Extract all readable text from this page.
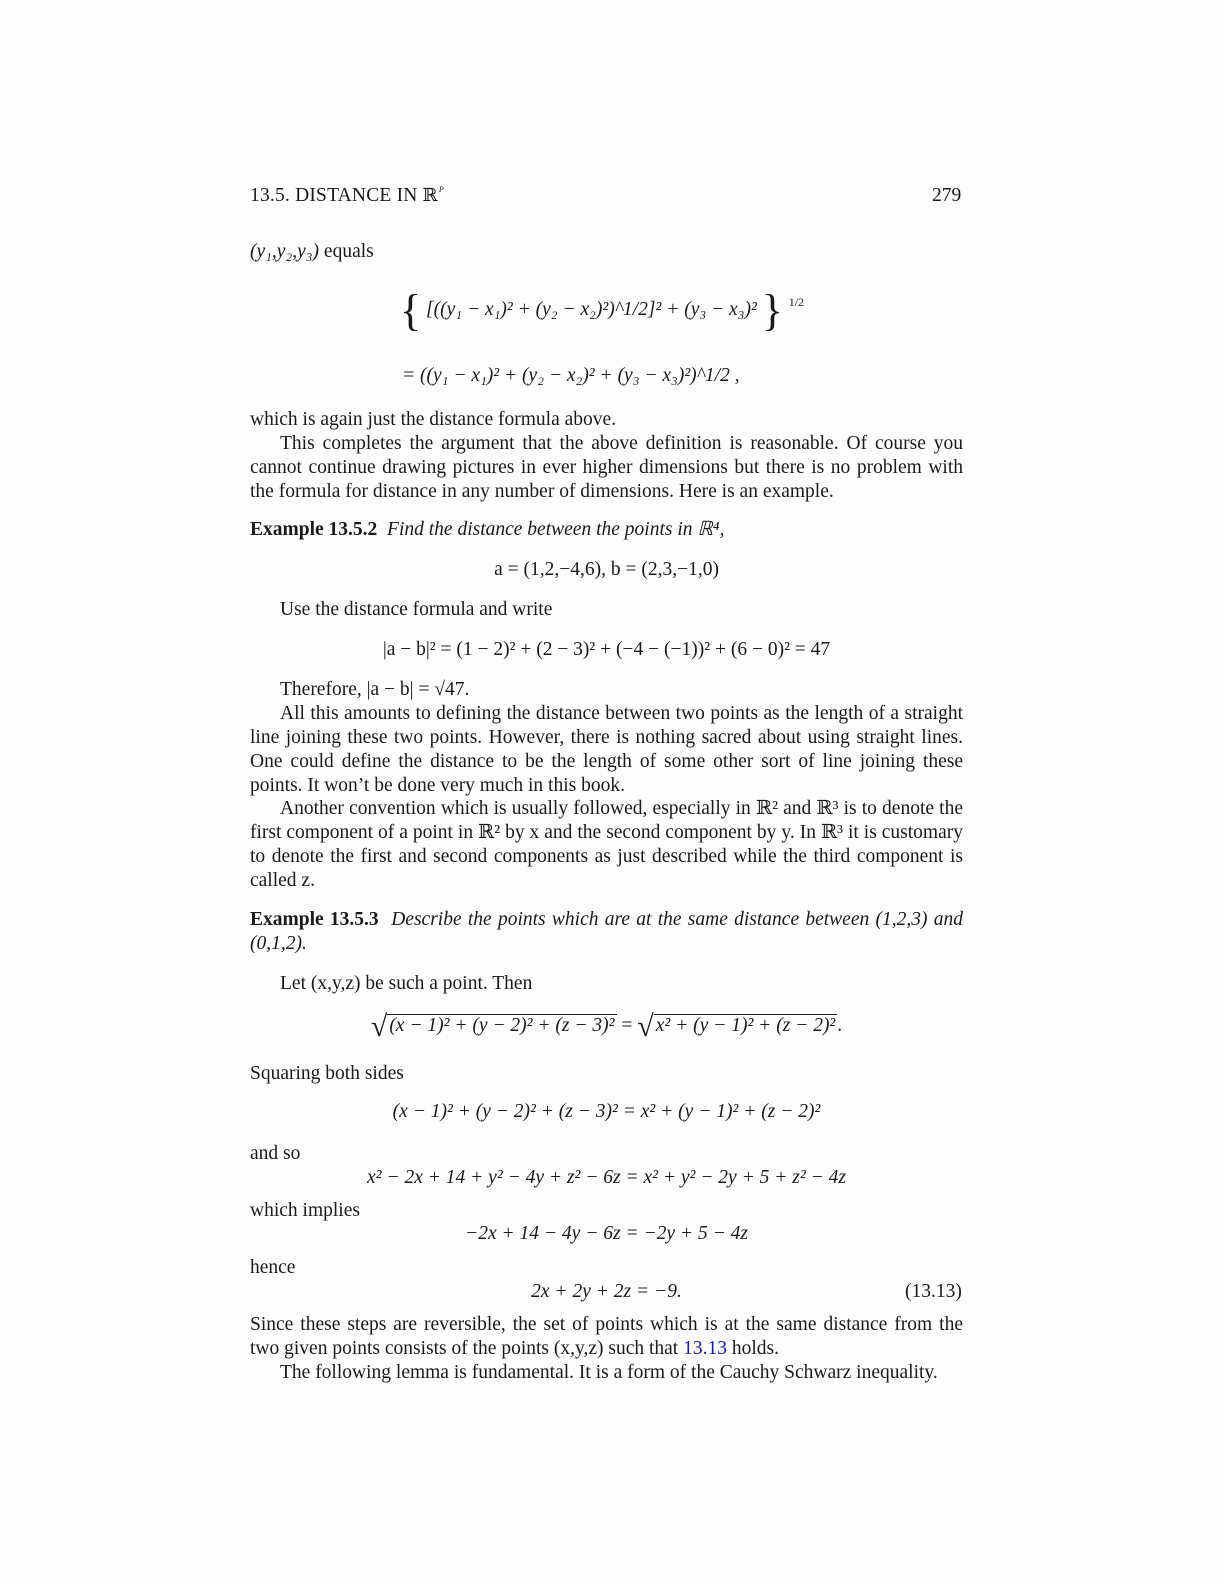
13.5. DISTANCE IN ℝ$^p$	279
(y₁,y₂,y₃) equals
{ [((y₁ − x₁)² + (y₂ − x₂)²)^1/2]² + (y₃ − x₃)² } $^{1/2}$
= ((y₁ − x₁)² + (y₂ − x₂)² + (y₃ − x₃)²)^1/2 ,
which is again just the distance formula above.
This completes the argument that the above definition is reasonable. Of course you cannot continue drawing pictures in ever higher dimensions but there is no problem with the formula for distance in any number of dimensions. Here is an example.
Example 13.5.2 Find the distance between the points in ℝ⁴,
a = (1,2,−4,6), b = (2,3,−1,0)
Use the distance formula and write
|a − b|² = (1 − 2)² + (2 − 3)² + (−4 − (−1))² + (6 − 0)² = 47
Therefore, |a − b| = √47.
All this amounts to defining the distance between two points as the length of a straight line joining these two points. However, there is nothing sacred about using straight lines. One could define the distance to be the length of some other sort of line joining these points. It won’t be done very much in this book.
Another convention which is usually followed, especially in ℝ² and ℝ³ is to denote the first component of a point in ℝ² by x and the second component by y. In ℝ³ it is customary to denote the first and second components as just described while the third component is called z.
Example 13.5.3 Describe the points which are at the same distance between (1,2,3) and (0,1,2).
Let (x,y,z) be such a point. Then
√ (x − 1)² + (y − 2)² + (z − 3)² = √ x² + (y − 1)² + (z − 2)² .
Squaring both sides
(x − 1)² + (y − 2)² + (z − 3)² = x² + (y − 1)² + (z − 2)²
and so
x² − 2x + 14 + y² − 4y + z² − 6z = x² + y² − 2y + 5 + z² − 4z
which implies
−2x + 14 − 4y − 6z = −2y + 5 − 4z
hence
2x + 2y + 2z = −9.	(13.13)
Since these steps are reversible, the set of points which is at the same distance from the two given points consists of the points (x,y,z) such that 13.13 holds.
The following lemma is fundamental. It is a form of the Cauchy Schwarz inequality.
